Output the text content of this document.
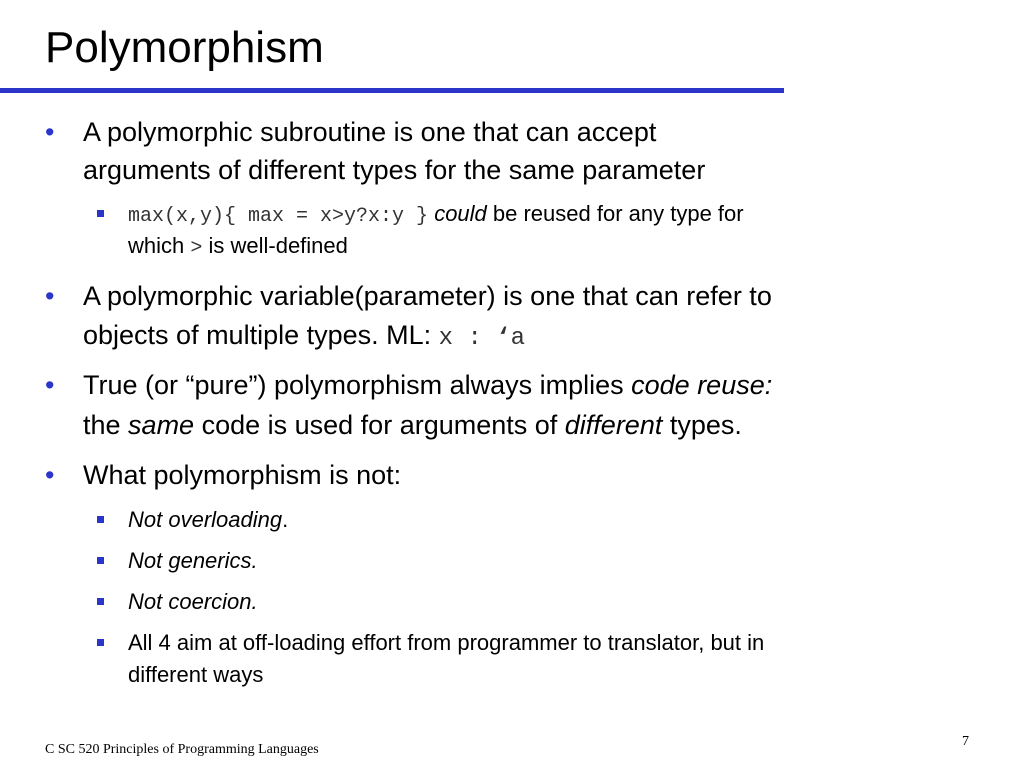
Polymorphism
• A polymorphic subroutine is one that can accept
arguments of different types for the same parameter
max(x,y){ max = x>y?x:y } could be reused for any type for
which > is well-defined
• A polymorphic variable(parameter) is one that can refer to
objects of multiple types. ML: x : ‘a
• True (or “pure”) polymorphism always implies code reuse:
the same code is used for arguments of different types.
• What polymorphism is not:
Not overloading.
Not generics.
Not coercion.
All 4 aim at off-loading effort from programmer to translator, but in
different ways
C SC 520 Principles of Programming Languages
7
